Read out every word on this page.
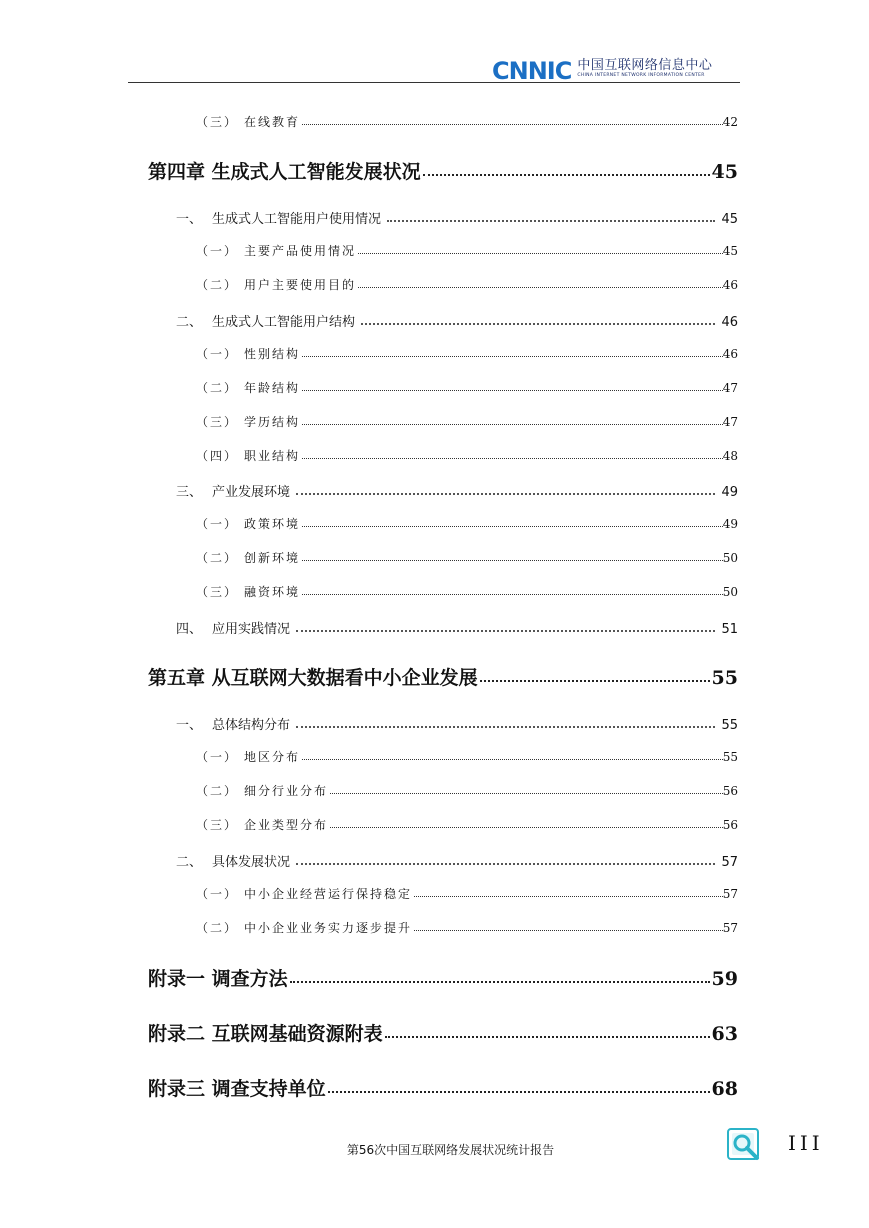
CNNIC 中国互联网络信息中心
CHINA INTERNET NETWORK INFORMATION CENTER
（三） 在线教育	42
第四章 生成式人工智能发展状况	45
一、 生成式人工智能用户使用情况	45
（一） 主要产品使用情况	45
（二） 用户主要使用目的	46
二、 生成式人工智能用户结构	46
（一） 性别结构	46
（二） 年龄结构	47
（三） 学历结构	47
（四） 职业结构	48
三、 产业发展环境	49
（一） 政策环境	49
（二） 创新环境	50
（三） 融资环境	50
四、 应用实践情况	51
第五章 从互联网大数据看中小企业发展	55
一、 总体结构分布	55
（一） 地区分布	55
（二） 细分行业分布	56
（三） 企业类型分布	56
二、 具体发展状况	57
（一） 中小企业经营运行保持稳定	57
（二） 中小企业业务实力逐步提升	57
附录一 调查方法	59
附录二 互联网基础资源附表	63
附录三 调查支持单位	68
第56次中国互联网络发展状况统计报告	III
